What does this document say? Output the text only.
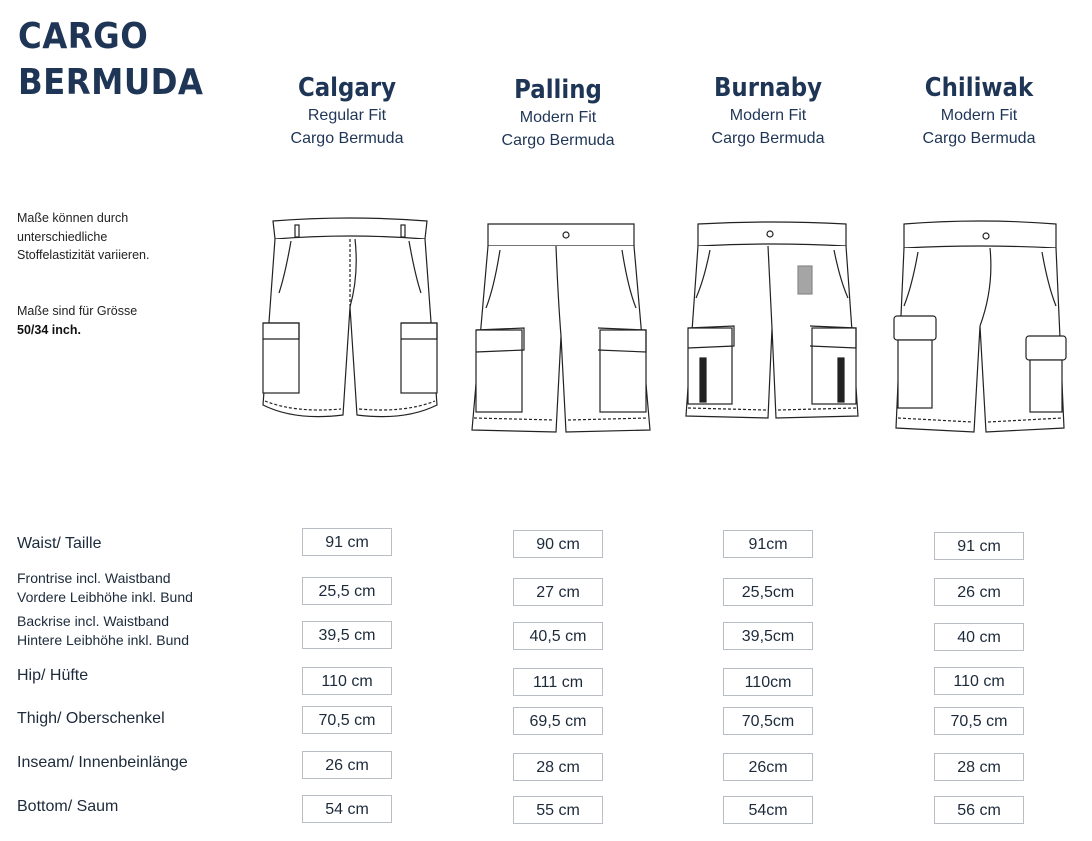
CARGO
BERMUDA
Maße können durch
unterschiedliche
Stoffelastizität variieren.
Maße sind für Grösse
50/34 inch.
Calgary
Regular Fit
Cargo Bermuda
Palling
Modern Fit
Cargo Bermuda
Burnaby
Modern Fit
Cargo Bermuda
Chiliwak
Modern Fit
Cargo Bermuda
Waist/ Taille
Frontrise incl. Waistband
Vordere Leibhöhe inkl. Bund
Backrise incl. Waistband
Hintere Leibhöhe inkl. Bund
Hip/ Hüfte
Thigh/ Oberschenkel
Inseam/ Innenbeinlänge
Bottom/ Saum
91 cm
25,5 cm
39,5 cm
110 cm
70,5 cm
26 cm
54 cm
90 cm
27 cm
40,5 cm
111 cm
69,5 cm
28 cm
55 cm
91cm
25,5cm
39,5cm
110cm
70,5cm
26cm
54cm
91 cm
26 cm
40 cm
110 cm
70,5 cm
28 cm
56 cm
